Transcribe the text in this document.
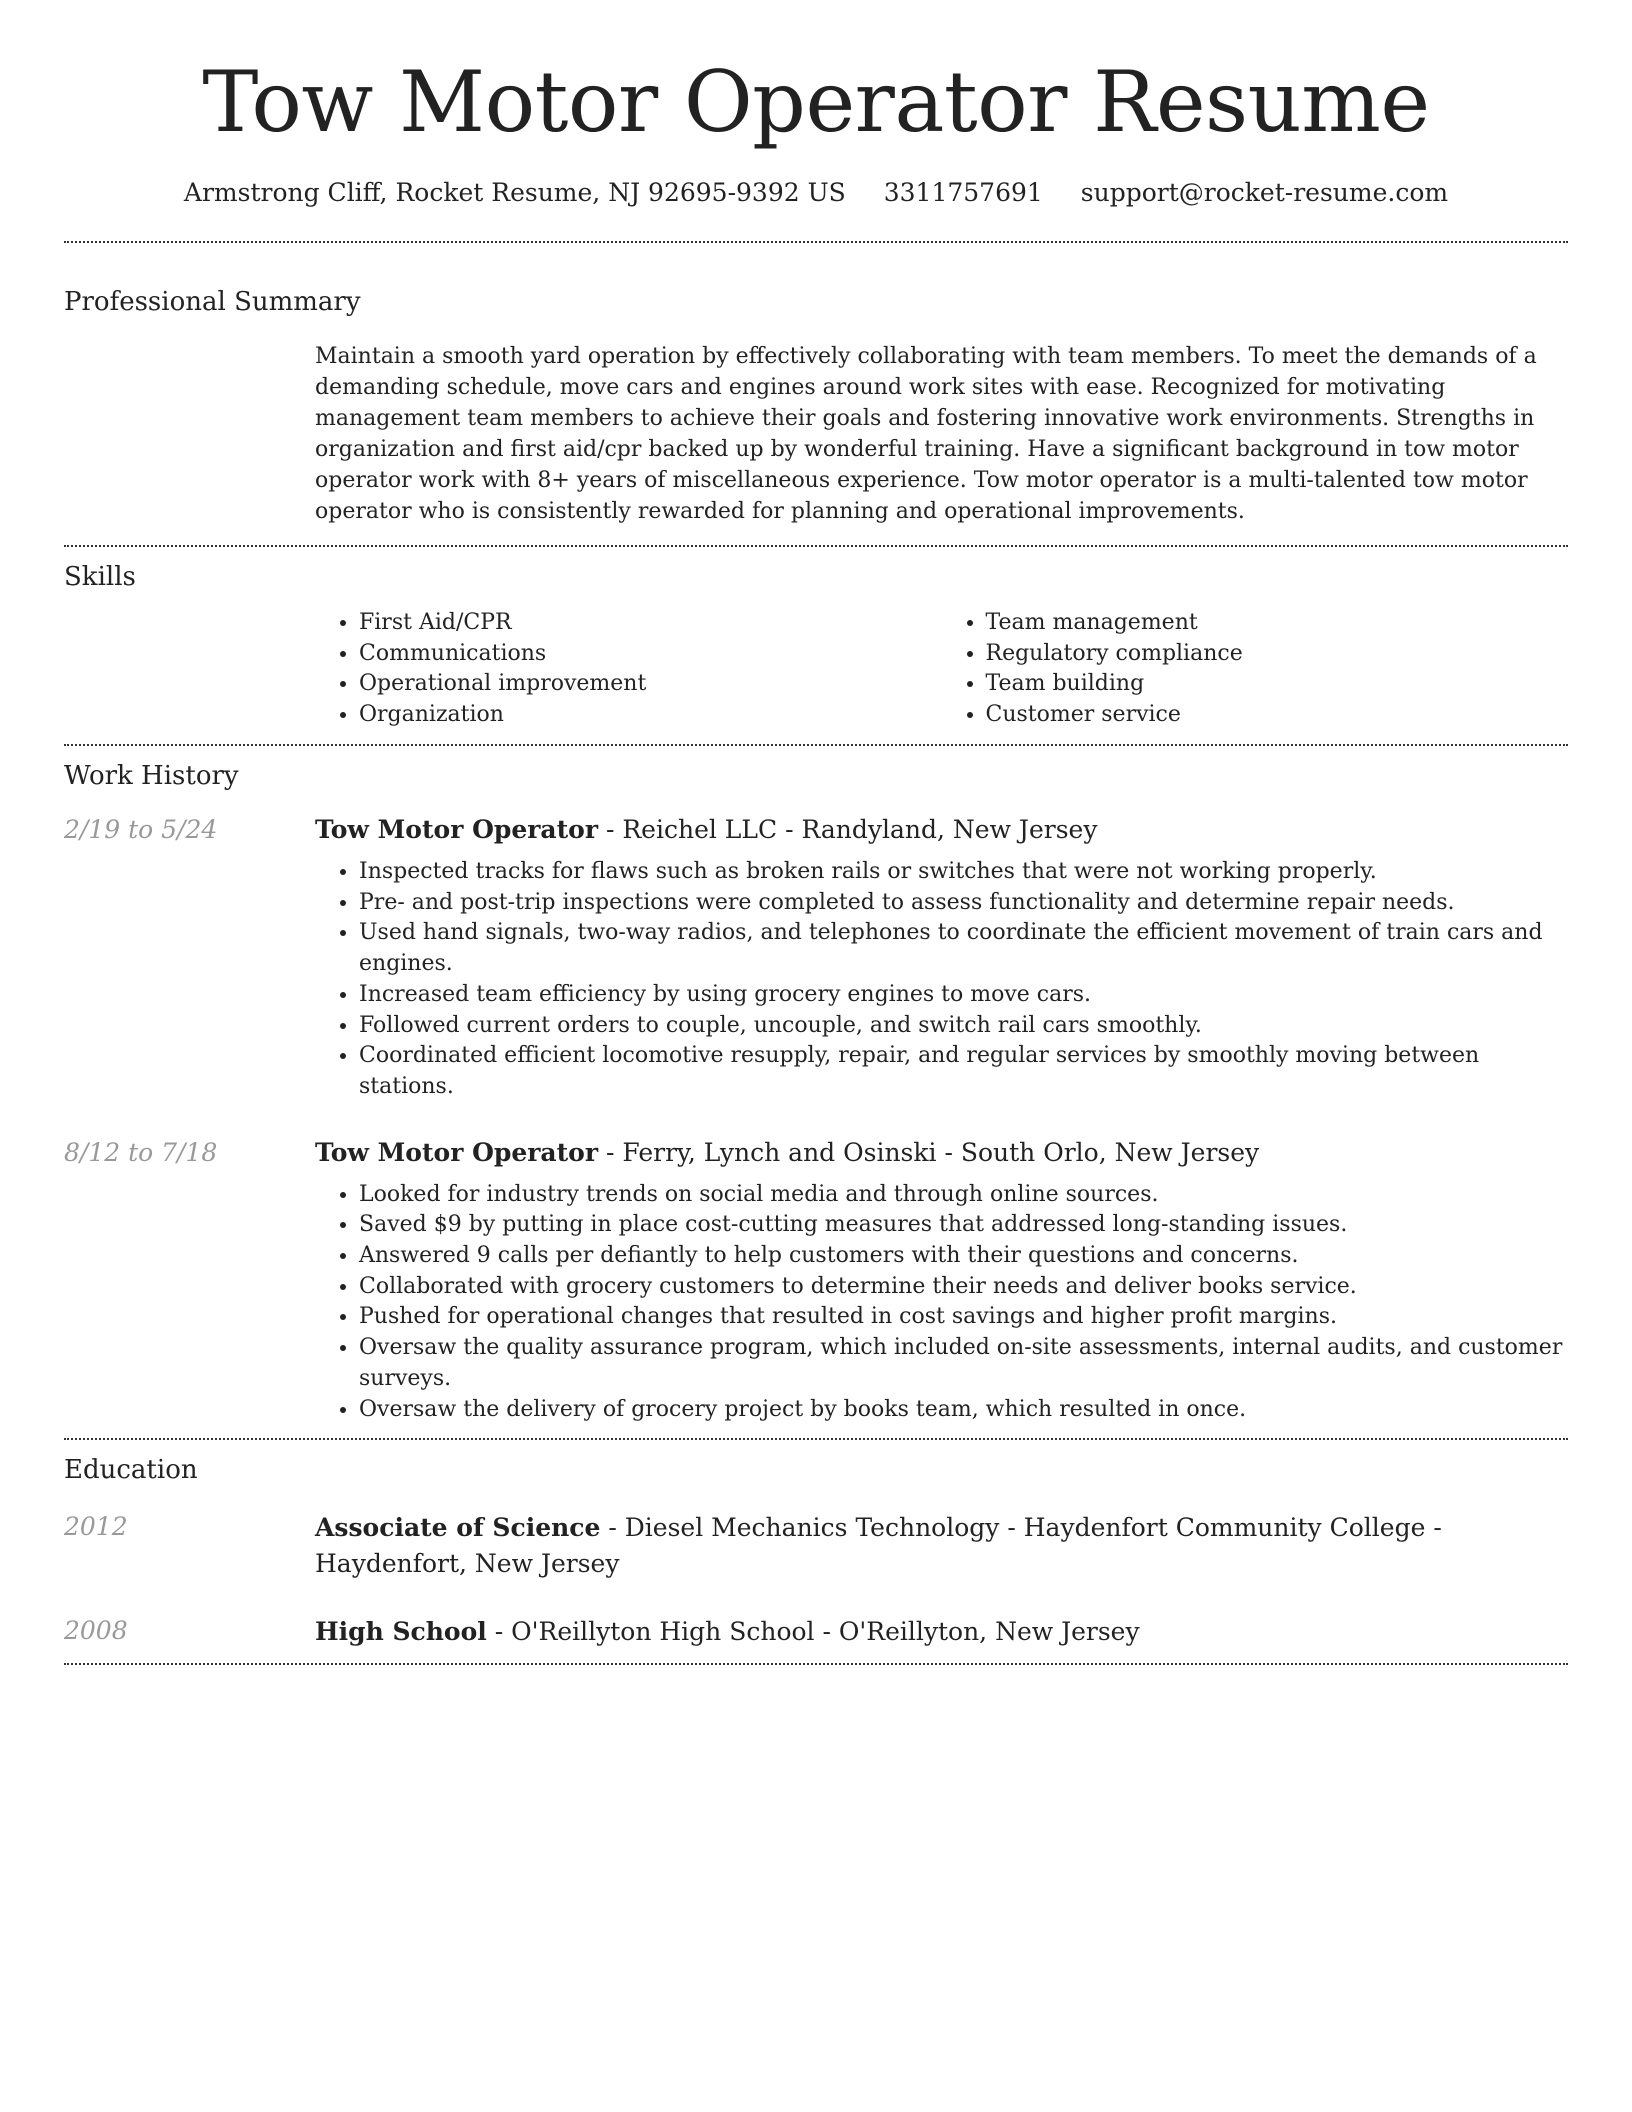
Tow Motor Operator Resume
Armstrong Cliff, Rocket Resume, NJ 92695-9392 US 3311757691 support@rocket-resume.com
Professional Summary
Maintain a smooth yard operation by effectively collaborating with team members. To meet the demands of a demanding schedule, move cars and engines around work sites with ease. Recognized for motivating management team members to achieve their goals and fostering innovative work environments. Strengths in organization and first aid/cpr backed up by wonderful training. Have a significant background in tow motor operator work with 8+ years of miscellaneous experience. Tow motor operator is a multi-talented tow motor operator who is consistently rewarded for planning and operational improvements.
Skills
• First Aid/CPR
• Communications
• Operational improvement
• Organization
• Team management
• Regulatory compliance
• Team building
• Customer service
Work History
2/19 to 5/24	Tow Motor Operator - Reichel LLC - Randyland, New Jersey
• Inspected tracks for flaws such as broken rails or switches that were not working properly.
• Pre- and post-trip inspections were completed to assess functionality and determine repair needs.
• Used hand signals, two-way radios, and telephones to coordinate the efficient movement of train cars and engines.
• Increased team efficiency by using grocery engines to move cars.
• Followed current orders to couple, uncouple, and switch rail cars smoothly.
• Coordinated efficient locomotive resupply, repair, and regular services by smoothly moving between stations.
8/12 to 7/18	Tow Motor Operator - Ferry, Lynch and Osinski - South Orlo, New Jersey
• Looked for industry trends on social media and through online sources.
• Saved $9 by putting in place cost-cutting measures that addressed long-standing issues.
• Answered 9 calls per defiantly to help customers with their questions and concerns.
• Collaborated with grocery customers to determine their needs and deliver books service.
• Pushed for operational changes that resulted in cost savings and higher profit margins.
• Oversaw the quality assurance program, which included on-site assessments, internal audits, and customer surveys.
• Oversaw the delivery of grocery project by books team, which resulted in once.
Education
2012	Associate of Science - Diesel Mechanics Technology - Haydenfort Community College - Haydenfort, New Jersey
2008	High School - O'Reillyton High School - O'Reillyton, New Jersey
